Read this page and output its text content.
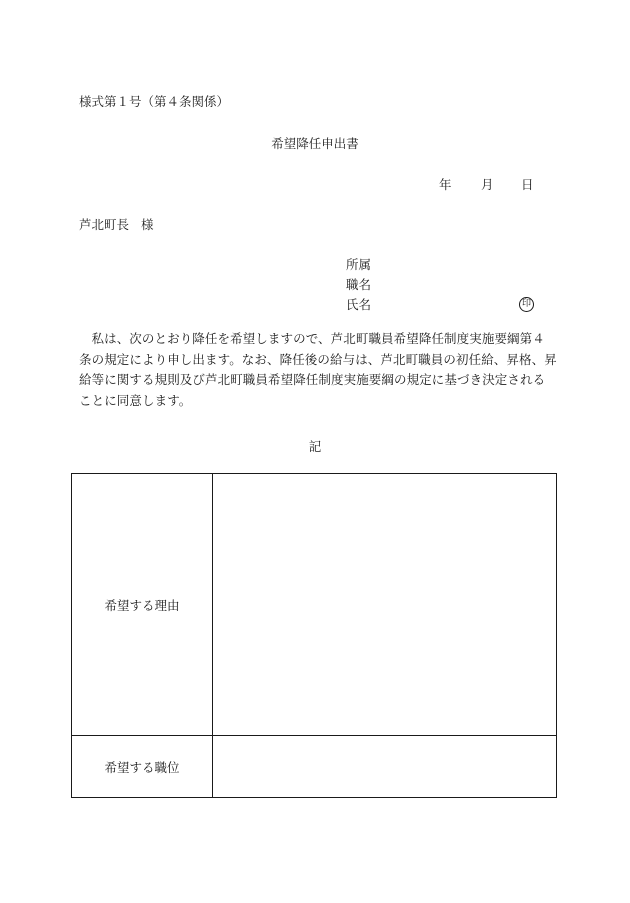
様式第１号（第４条関係）
希望降任申出書
年 月 日
芦北町長 様
所属
職名
氏名	印
私は、次のとおり降任を希望しますので、芦北町職員希望降任制度実施要綱第４条の規定により申し出ます。なお、降任後の給与は、芦北町職員の初任給、昇格、昇給等に関する規則及び芦北町職員希望降任制度実施要綱の規定に基づき決定されることに同意します。
記
希望する理由	
希望する職位	
